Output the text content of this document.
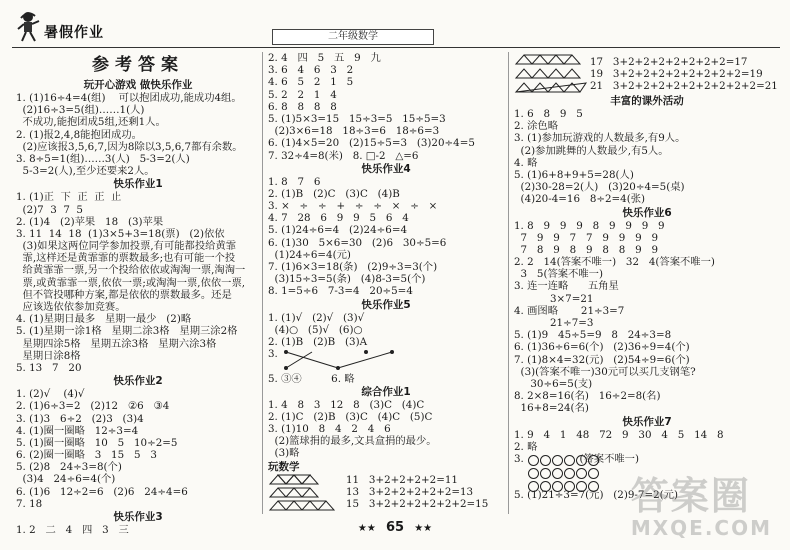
暑假作业	二年级数学
参考答案
玩开心游戏 做快乐作业
1. (1)16÷4=4(组)    可以抱团成功,能成功4组。
(2)16÷3=5(组)……1(人)
不成功,能抱团成5组,还剩1人。
2. (1)报2,4,8能抱团成功。
(2)应该报3,5,6,7,因为8除以3,5,6,7都有余数。
3. 8÷5=1(组)……3(人)   5-3=2(人)
5-3=2(人),至少还要来2人。
快乐作业1
1. (1)正  下  正  正  止
(2)7  3  7  5
2. (1)4   (2)苹果   18   (3)苹果
3. 11  14  18  (1)3×5+3=18(票)   (2)依依
(3)如果这两位同学参加投票,有可能都投给黄霏
霏,这样还是黄霏霏的票数最多;也有可能一个投
给黄霏霏一票,另一个投给依依或淘淘一票,淘淘一
票,或黄霏霏一票,依依一票;或淘淘一票,依依一票,
但不管投哪种方案,都是依依的票数最多。还是
应该选依依参加竞赛。
4. (1)星期日最多   星期一最少   (2)略
5. (1)星期一涂1格   星期二涂3格   星期三涂2格
星期四涂5格   星期五涂3格   星期六涂3格
星期日涂8格
5. 13   7   20
快乐作业2
1. (2)√    (4)√
2. (1)6÷3=2   (2)12   ②6   ③4
3. (1)3   6÷2   (2)3   (3)4
4. (1)圈一圈略   12÷3=4
5. (1)圈一圈略   10   5   10÷2=5
6. (2)圈一圈略   3   15   5   3
5. (2)8   24÷3=8(个)
(3)4   24÷6=4(个)
6. (1)6   12÷2=6   (2)6   24÷4=6
7. 18
快乐作业3
1. 2   二   4   四   3   三
2. 4   四   5   五   9   九
3. 6   4   6   3   2
4. 6   5   2   1   5
5. 2   2   1   4
6. 8   8   8   8
5. (1)5×3=15   15÷3=5   15÷5=3
(2)3×6=18   18÷3=6   18÷6=3
6. (1)4×5=20   (2)15÷5=3   (3)20÷4=5
7. 32÷4=8(米)   8. □-2   △=6
快乐作业4
1. 8   7   6
2. (1)B   (2)C   (3)C   (4)B
3. ×   ÷   ÷   +   ÷   ÷   ×   ÷   ×
4. 7   28   6   9   9   5   6   4
5. (1)24÷6=4   (2)24÷6=4
6. (1)30   5×6=30   (2)6   30÷5=6
(1)24÷6=4(元)
7. (1)6×3=18(条)   (2)9÷3=3(个)
(3)15÷3=5(条)   (4)8-3=5(个)
8. 1=5÷6   7-3=4   20÷5=4
快乐作业5
1. (1)√   (2)√   (3)√
(4)○   (5)√   (6)○
2. (1)B   (2)B   (3)A
3.
5. ③④         6. 略
综合作业1
1. 4   8   3   12   8   (3)C   (4)C
2. (1)C   (2)B   (3)C   (4)C   (5)C
3. (1)10   8   4   2   4   6
(2)篮球捐的最多,文具盒捐的最少。
(3)略
玩数学
11   3+2+2+2+2=11
13   3+2+2+2+2+2=13
15   3+2+2+2+2+2+2=15
17   3+2+2+2+2+2+2+2=17
19   3+2+2+2+2+2+2+2+2=19
21   3+2+2+2+2+2+2+2+2+2=21
丰富的课外活动
1. 6   8   9   5
2. 涂色略
3. (1)参加玩游戏的人数最多,有9人。
(2)参加跳舞的人数最少,有5人。
4. 略
5. (1)6+8+9+5=28(人)
(2)30-28=2(人)   (3)20÷4=5(桌)
(4)20-4=16   8÷2=4(张)
快乐作业6
1. 8   9   9   9   8   9   9   9   9
7   9   9   7   7   9   9   9   9
7   8   9   8   9   8   8   9   9
2. 2   14(答案不唯一)   32   4(答案不唯一)
3   5(答案不唯一)
3. 连一连略      五角星
3×7=21
4. 画图略       21÷3=7
21÷7=3
5. (1)9   45÷5=9   8   24÷3=8
6. (1)36÷6=6(个)   (2)36÷9=4(个)
7. (1)8×4=32(元)   (2)54÷9=6(个)
(3)(答案不唯一)30元可以买几支钢笔?
30÷6=5(支)
8. 2×8=16(名)   16÷2=8(名)
16+8=24(名)
快乐作业7
1. 9   4   1   48   72   9   30   4   5   14   8
2. 略
3.                 (答案不唯一)
5. (1)21÷3=7(元)   (2)9-7=2(元)
★★ 65 ★★
答案圈
MXQE.COM
